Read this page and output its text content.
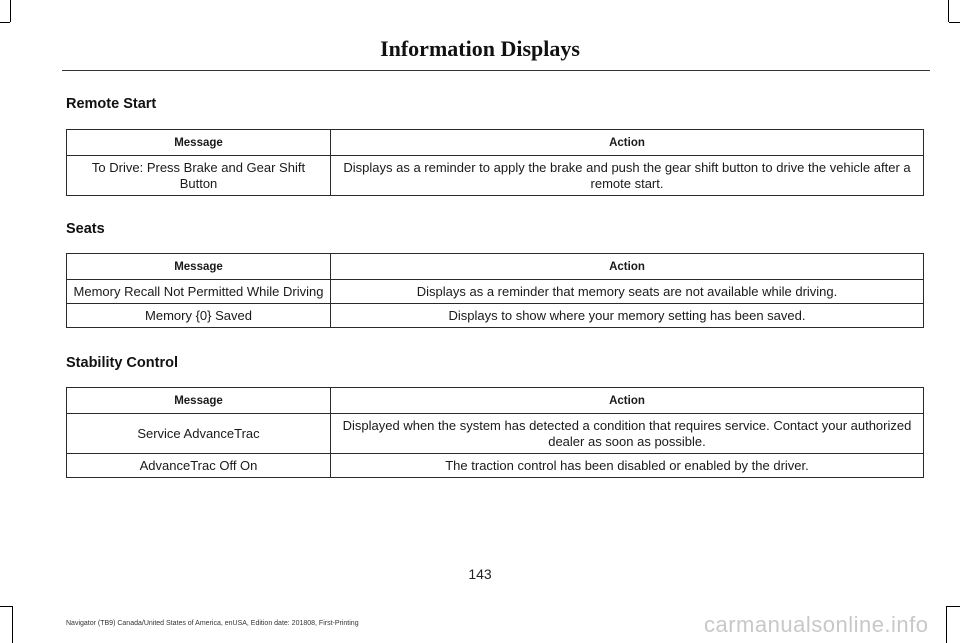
Information Displays
Remote Start
Message	Action
To Drive: Press Brake and Gear Shift Button	Displays as a reminder to apply the brake and push the gear shift button to drive the vehicle after a remote start.
Seats
Message	Action
Memory Recall Not Permitted While Driving	Displays as a reminder that memory seats are not available while driving.
Memory {0} Saved	Displays to show where your memory setting has been saved.
Stability Control
Message	Action
Service AdvanceTrac	Displayed when the system has detected a condition that requires service. Contact your authorized dealer as soon as possible.
AdvanceTrac Off On	The traction control has been disabled or enabled by the driver.
143
Navigator (TB9) Canada/United States of America, enUSA, Edition date: 201808, First-Printing	carmanualsonline.info
